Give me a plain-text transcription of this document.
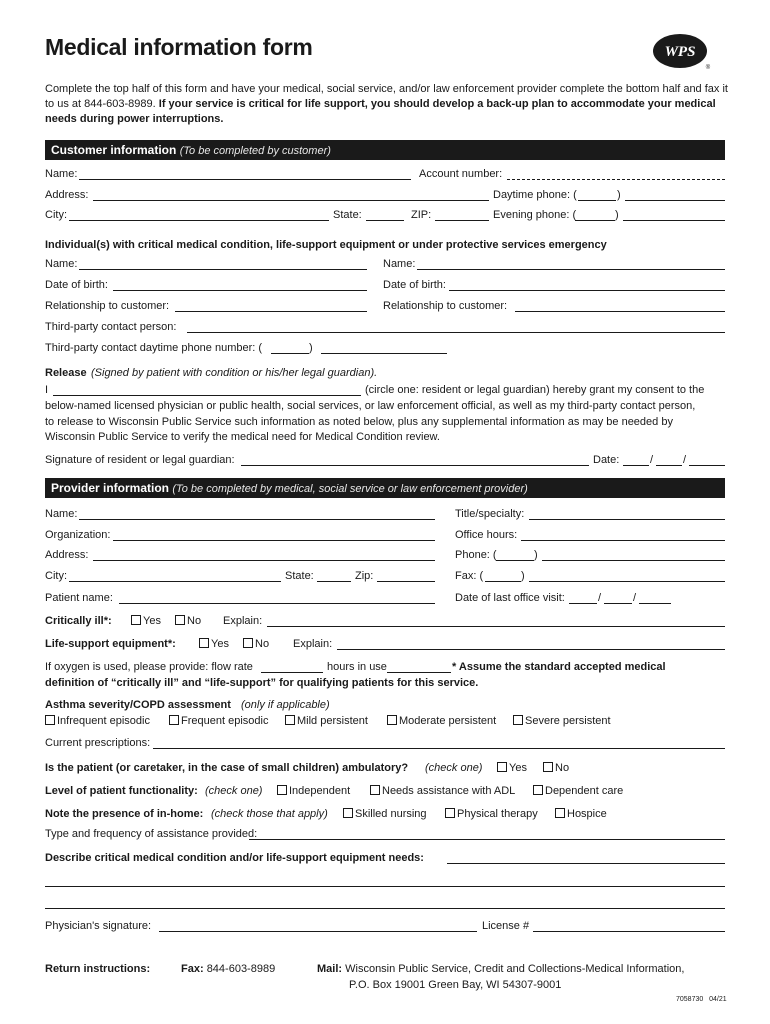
Medical information form	WPS
®
Complete the top half of this form and have your medical, social service, and/or law enforcement provider complete the bottom half and fax it to us at 844-603-8989. If your service is critical for life support, you should develop a back-up plan to accommodate your medical needs during power interruptions.
Customer information (To be completed by customer)
Name:	Account number:
Address:	Daytime phone: (	)
City:	State:	ZIP:	Evening phone: (	)
Individual(s) with critical medical condition, life-support equipment or under protective services emergency
Name:	Name:
Date of birth:	Date of birth:
Relationship to customer:	Relationship to customer:
Third-party contact person:
Third-party contact daytime phone number: (	)
Release (Signed by patient with condition or his/her legal guardian).
I	(circle one: resident or legal guardian) hereby grant my consent to the
below-named licensed physician or public health, social services, or law enforcement official, as well as my third-party contact person,
to release to Wisconsin Public Service such information as noted below, plus any supplemental information as may be needed by
Wisconsin Public Service to verify the medical need for Medical Condition review.
Signature of resident or legal guardian:	Date:	/	/
Provider information (To be completed by medical, social service or law enforcement provider)
Name:	Title/specialty:
Organization:	Office hours:
Address:	Phone: (	)
City:	State:	Zip:	Fax: (	)
Patient name:	Date of last office visit:	/	/
Critically ill*:	Yes	No Explain:
Life-support equipment*:	Yes	No Explain:
If oxygen is used, please provide: flow rate	hours in use	* Assume the standard accepted medical
definition of “critically ill” and “life-support” for qualifying patients for this service.
Asthma severity/COPD assessment (only if applicable)
Infrequent episodic	Frequent episodic	Mild persistent	Moderate persistent	Severe persistent
Current prescriptions:
Is the patient (or caretaker, in the case of small children) ambulatory? (check one)	Yes	No
Level of patient functionality: (check one)	Independent	Needs assistance with ADL	Dependent care
Note the presence of in-home: (check those that apply)	Skilled nursing	Physical therapy	Hospice
Type and frequency of assistance provided:
Describe critical medical condition and/or life-support equipment needs:
Physician's signature:	License #
Return instructions:	Fax: 844-603-8989	Mail: Wisconsin Public Service, Credit and Collections-Medical Information,
P.O. Box 19001 Green Bay, WI 54307-9001
7058730   04/21
